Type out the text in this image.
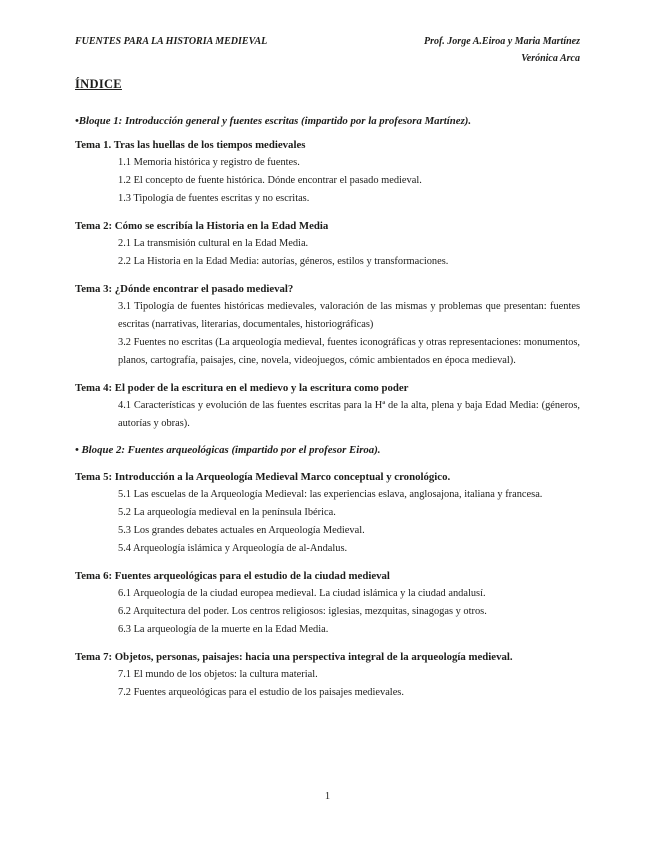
FUENTES PARA LA HISTORIA MEDIEVAL	Prof. Jorge A.Eiroa y Maria Martínez
Verónica Arca
ÍNDICE

•Bloque 1: Introducción general y fuentes escritas (impartido por la profesora Martínez).

Tema 1. Tras las huellas de los tiempos medievales

1.1 Memoria histórica y registro de fuentes.

1.2 El concepto de fuente histórica. Dónde encontrar el pasado medieval.

1.3 Tipología de fuentes escritas y no escritas.

Tema 2: Cómo se escribía la Historia en la Edad Media

2.1 La transmisión cultural en la Edad Media.

2.2 La Historia en la Edad Media: autorías, géneros, estilos y transformaciones.

Tema 3: ¿Dónde encontrar el pasado medieval?

3.1 Tipología de fuentes históricas medievales, valoración de las mismas y problemas que presentan: fuentes escritas (narrativas, literarias, documentales, historiográficas)

3.2 Fuentes no escritas (La arqueología medieval, fuentes iconográficas y otras representaciones: monumentos, planos, cartografía, paisajes, cine, novela, videojuegos, cómic ambientados en época medieval).

Tema 4: El poder de la escritura en el medievo y la escritura como poder

4.1 Características y evolución de las fuentes escritas para la Hª de la alta, plena y baja Edad Media: (géneros, autorías y obras).

• Bloque 2: Fuentes arqueológicas (impartido por el profesor Eiroa).

Tema 5: Introducción a la Arqueología Medieval Marco conceptual y cronológico.

5.1 Las escuelas de la Arqueología Medieval: las experiencias eslava, anglosajona, italiana y francesa.

5.2 La arqueología medieval en la península Ibérica.

5.3 Los grandes debates actuales en Arqueología Medieval.

5.4 Arqueología islámica y Arqueología de al-Andalus.

Tema 6: Fuentes arqueológicas para el estudio de la ciudad medieval

6.1 Arqueología de la ciudad europea medieval. La ciudad islámica y la ciudad andalusí.

6.2 Arquitectura del poder. Los centros religiosos: iglesias, mezquitas, sinagogas y otros.

6.3 La arqueología de la muerte en la Edad Media.

Tema 7: Objetos, personas, paisajes: hacia una perspectiva integral de la arqueología medieval.

7.1 El mundo de los objetos: la cultura material.

7.2 Fuentes arqueológicas para el estudio de los paisajes medievales.

1
